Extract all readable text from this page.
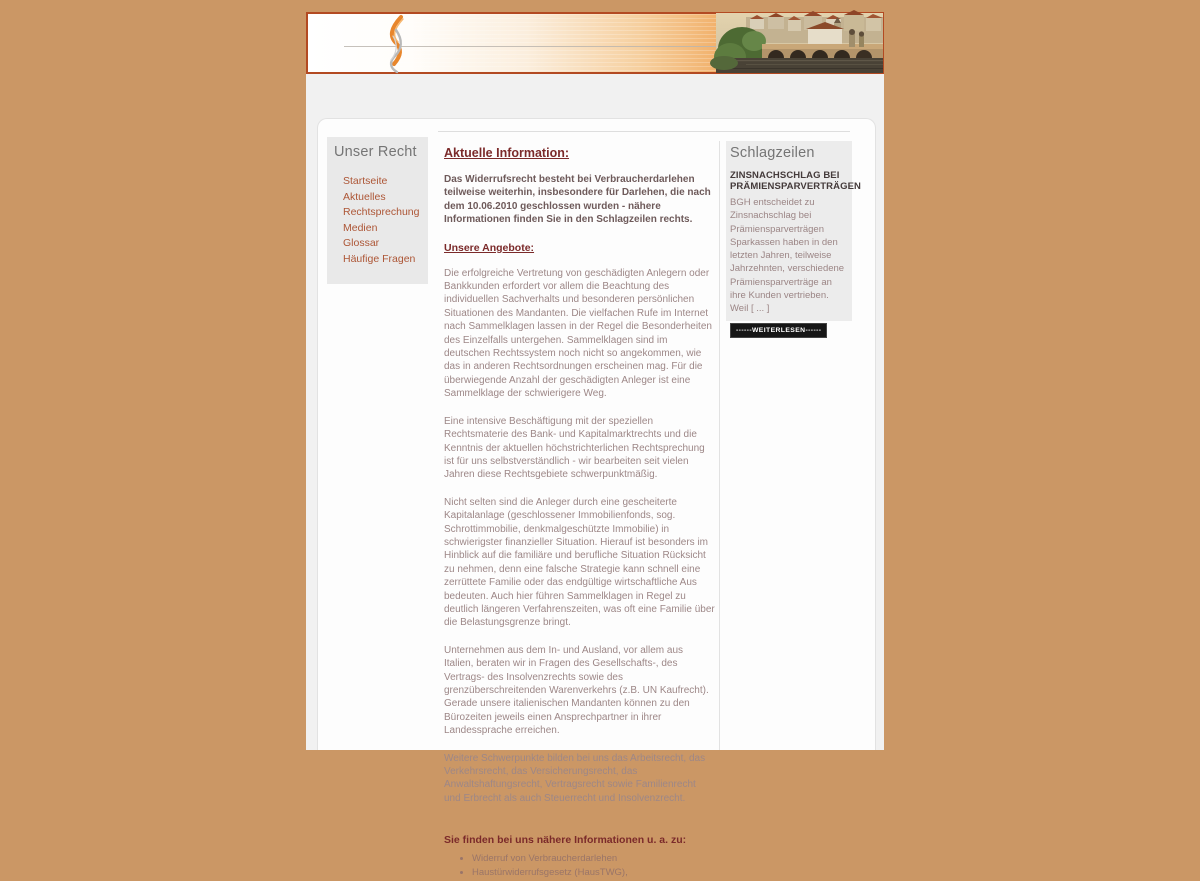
Unser Recht
Startseite
Aktuelles
Rechtsprechung
Medien
Glossar
Häufige Fragen
Aktuelle Information:
Das Widerrufsrecht besteht bei Verbraucherdarlehen teilweise weiterhin, insbesondere für Darlehen, die nach dem 10.06.2010 geschlossen wurden - nähere Informationen finden Sie in den Schlagzeilen rechts.
Unsere Angebote:

Die erfolgreiche Vertretung von geschädigten Anlegern oder Bankkunden erfordert vor allem die Beachtung des individuellen Sachverhalts und besonderen persönlichen Situationen des Mandanten. Die vielfachen Rufe im Internet nach Sammelklagen lassen in der Regel die Besonderheiten des Einzelfalls untergehen. Sammelklagen sind im deutschen Rechtssystem noch nicht so angekommen, wie das in anderen Rechtsordnungen erscheinen mag. Für die überwiegende Anzahl der geschädigten Anleger ist eine Sammelklage der schwierigere Weg.

Eine intensive Beschäftigung mit der speziellen Rechtsmaterie des Bank- und Kapitalmarktrechts und die Kenntnis der aktuellen höchstrichterlichen Rechtsprechung ist für uns selbstverständlich - wir bearbeiten seit vielen Jahren diese Rechtsgebiete schwerpunktmäßig.

Nicht selten sind die Anleger durch eine gescheiterte Kapitalanlage (geschlossener Immobilienfonds, sog. Schrottimmobilie, denkmalgeschützte Immobilie) in schwierigster finanzieller Situation. Hierauf ist besonders im Hinblick auf die familiäre und berufliche Situation Rücksicht zu nehmen, denn eine falsche Strategie kann schnell eine zerrüttete Familie oder das endgültige wirtschaftliche Aus bedeuten. Auch hier führen Sammelklagen in Regel zu deutlich längeren Verfahrenszeiten, was oft eine Familie über die Belastungsgrenze bringt.

Unternehmen aus dem In- und Ausland, vor allem aus Italien, beraten wir in Fragen des Gesellschafts-, des Vertrags- des Insolvenzrechts sowie des grenzüberschreitenden Warenverkehrs (z.B. UN Kaufrecht). Gerade unsere italienischen Mandanten können zu den Bürozeiten jeweils einen Ansprechpartner in ihrer Landessprache erreichen.

Weitere Schwerpunkte bilden bei uns das Arbeitsrecht, das Verkehrsrecht, das Versicherungsrecht, das Anwaltshaftungsrecht, Vertragsrecht sowie Familienrecht und Erbrecht als auch Steuerrecht und Insolvenzrecht.

Sie finden bei uns nähere Informationen u. a. zu:
• Widerruf von Verbraucherdarlehen
• Haustürwiderrufsgesetz (HausTWG),
Schlagzeilen
ZINSNACHSCHLAG BEI PRÄMIENSPARVERTRÄGEN
BGH entscheidet zu Zinsnachschlag bei Prämiensparverträgen
Sparkassen haben in den letzten Jahren, teilweise Jahrzehnten, verschiedene Prämiensparverträge an ihre Kunden vertrieben. Weil [ ... ]
------WEITERLESEN------
